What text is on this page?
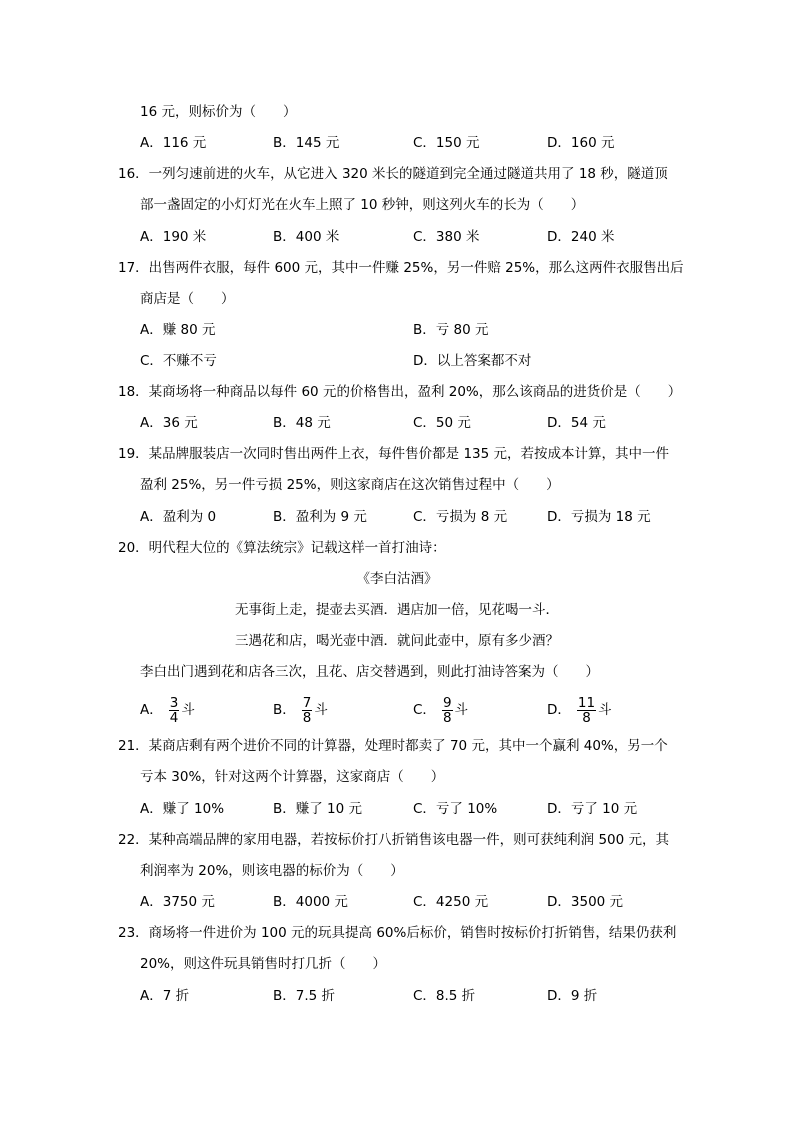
16 元，则标价为（　　）
A．116 元	B．145 元	C．150 元	D．160 元
16．一列匀速前进的火车，从它进入 320 米长的隧道到完全通过隧道共用了 18 秒，隧道顶
部一盏固定的小灯灯光在火车上照了 10 秒钟，则这列火车的长为（　　）
A．190 米	B．400 米	C．380 米	D．240 米
17．出售两件衣服，每件 600 元，其中一件赚 25%，另一件赔 25%，那么这两件衣服售出后
商店是（　　）
A．赚 80 元	B．亏 80 元
C．不赚不亏	D．以上答案都不对
18．某商场将一种商品以每件 60 元的价格售出，盈利 20%，那么该商品的进货价是（　　）
A．36 元	B．48 元	C．50 元	D．54 元
19．某品牌服装店一次同时售出两件上衣，每件售价都是 135 元，若按成本计算，其中一件
盈利 25%，另一件亏损 25%，则这家商店在这次销售过程中（　　）
A．盈利为 0	B．盈利为 9 元	C．亏损为 8 元	D．亏损为 18 元
20．明代程大位的《算法统宗》记载这样一首打油诗：
《李白沽酒》
无事街上走，提壶去买酒．遇店加一倍，见花喝一斗．
三遇花和店，喝光壶中酒．就问此壶中，原有多少酒？
李白出门遇到花和店各三次，且花、店交替遇到，则此打油诗答案为（　　）
A． $\frac{3}{4}$ 斗	B． $\frac{7}{8}$ 斗	C． $\frac{9}{8}$ 斗	D． $\frac{11}{8}$ 斗
21．某商店剩有两个进价不同的计算器，处理时都卖了 70 元，其中一个赢利 40%，另一个
亏本 30%，针对这两个计算器，这家商店（　　）
A．赚了 10%	B．赚了 10 元	C．亏了 10%	D．亏了 10 元
22．某种高端品牌的家用电器，若按标价打八折销售该电器一件，则可获纯利润 500 元，其
利润率为 20%，则该电器的标价为（　　）
A．3750 元	B．4000 元	C．4250 元	D．3500 元
23．商场将一件进价为 100 元的玩具提高 60%后标价，销售时按标价打折销售，结果仍获利
20%，则这件玩具销售时打几折（　　）
A．7 折	B．7.5 折	C．8.5 折	D．9 折
